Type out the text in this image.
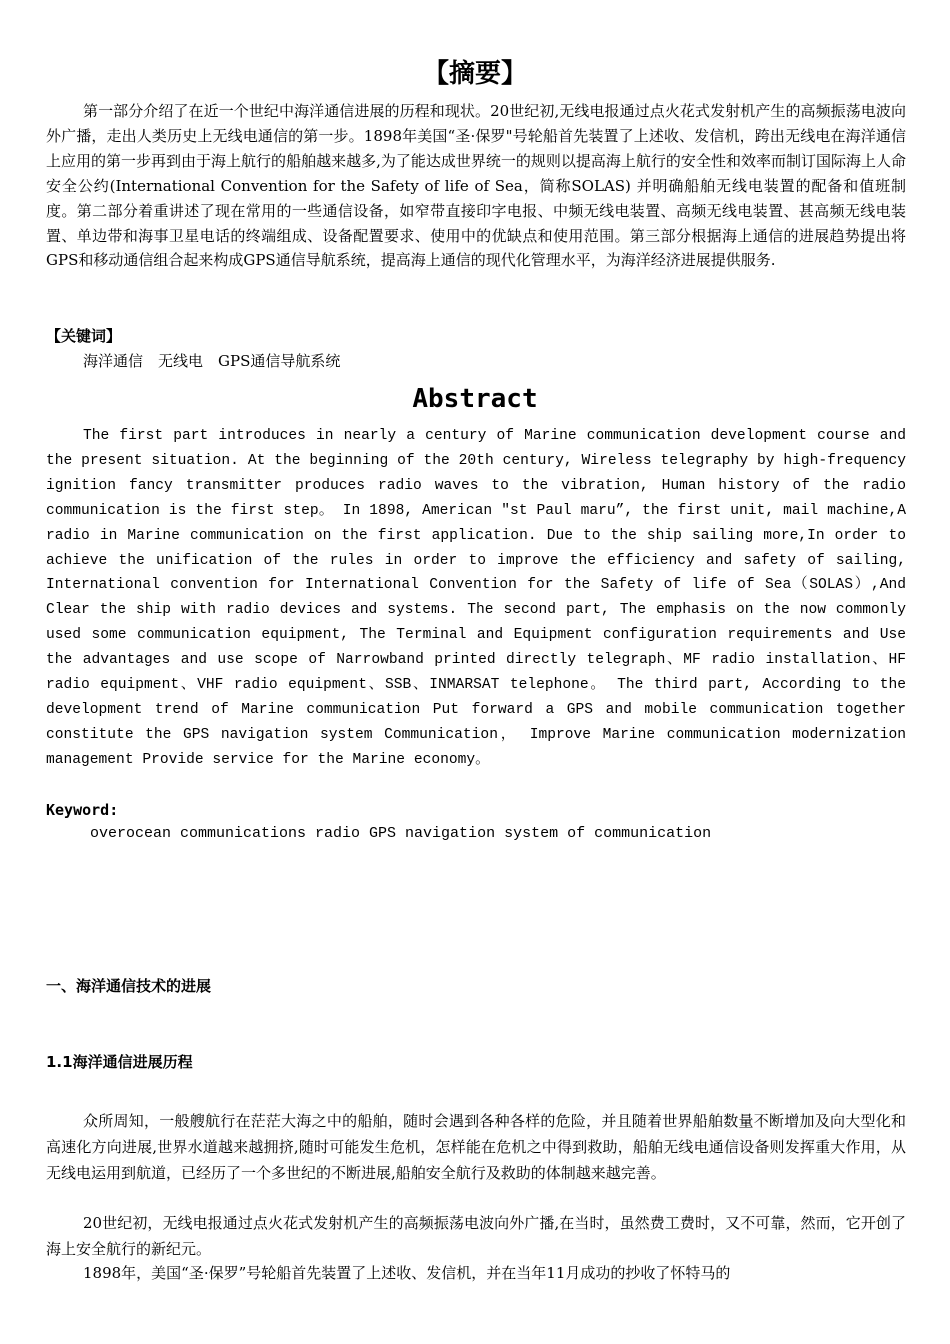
【摘要】
第一部分介绍了在近一个世纪中海洋通信进展的历程和现状。20世纪初,无线电报通过点火花式发射机产生的高频振荡电波向外广播，走出人类历史上无线电通信的第一步。1898年美国“圣·保罗"号轮船首先装置了上述收、发信机，跨出无线电在海洋通信上应用的第一步再到由于海上航行的船舶越来越多,为了能达成世界统一的规则以提高海上航行的安全性和效率而制订国际海上人命安全公约(International Convention for the Safety of life of Sea，简称SOLAS) 并明确船舶无线电装置的配备和值班制度。第二部分着重讲述了现在常用的一些通信设备，如窄带直接印字电报、中频无线电装置、高频无线电装置、甚高频无线电装置、单边带和海事卫星电话的终端组成、设备配置要求、使用中的优缺点和使用范围。第三部分根据海上通信的进展趋势提出将GPS和移动通信组合起来构成GPS通信导航系统，提高海上通信的现代化管理水平，为海洋经济进展提供服务.
【关键词】
海洋通信　无线电　GPS通信导航系统
Abstract
The first part introduces in nearly a century of Marine communication development course and the present situation. At the beginning of the 20th century, Wireless telegraphy by high-frequency ignition fancy transmitter produces radio waves to the vibration, Human history of the radio communication is the first step。 In 1898, American "st Paul maru”, the first unit, mail machine,A radio in Marine communication on the first application. Due to the ship sailing more,In order to achieve the unification of the rules in order to improve the efficiency and safety of sailing, International convention for International Convention for the Safety of life of Sea（SOLAS）,And Clear the ship with radio devices and systems. The second part, The emphasis on the now commonly used some communication equipment, The Terminal and Equipment configuration requirements and Use the advantages and use scope of Narrowband printed directly telegraph、MF radio installation、HF radio equipment、VHF radio equipment、SSB、INMARSAT telephone。 The third part, According to the development trend of Marine communication Put forward a GPS and mobile communication together constitute the GPS navigation system Communication， Improve Marine communication modernization management Provide service for the Marine economy。
Keyword:
overocean communications radio GPS navigation system of communication
一、海洋通信技术的进展
1.1海洋通信进展历程
众所周知，一般艘航行在茫茫大海之中的船舶，随时会遇到各种各样的危险，并且随着世界船舶数量不断增加及向大型化和高速化方向进展,世界水道越来越拥挤,随时可能发生危机，怎样能在危机之中得到救助，船舶无线电通信设备则发挥重大作用，从无线电运用到航道，已经历了一个多世纪的不断进展,船舶安全航行及救助的体制越来越完善。
20世纪初，无线电报通过点火花式发射机产生的高频振荡电波向外广播,在当时，虽然费工费时，又不可靠，然而，它开创了海上安全航行的新纪元。
1898年，美国“圣·保罗”号轮船首先装置了上述收、发信机，并在当年11月成功的抄收了怀特马的
